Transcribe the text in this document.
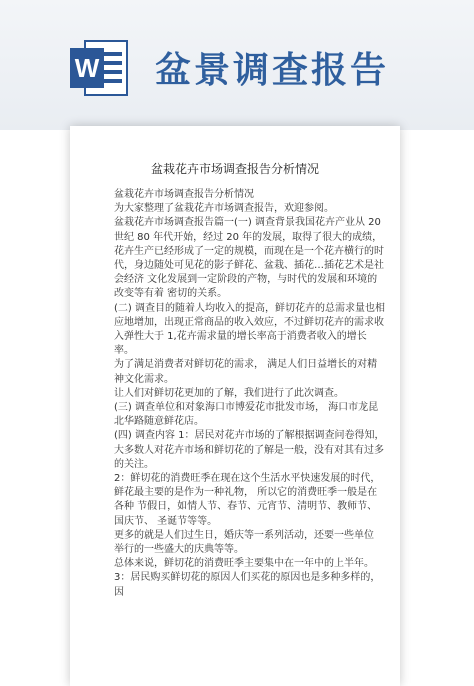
W 盆景调查报告
盆栽花卉市场调查报告分析情况

盆栽花卉市场调查报告分析情况

为大家整理了盆栽花卉市场调查报告，欢迎参阅。

盆栽花卉市场调查报告篇一(一) 调查背景我国花卉产业从 20 世纪 80 年代开始，经过 20 年的发展，取得了很大的成绩，花卉生产已经形成了一定的规模，而现在是一个花卉横行的时代，身边随处可见花的影子鲜花、盆栽、插花…插花艺术是社会经济 文化发展到一定阶段的产物，与时代的发展和环境的改变等有着 密切的关系。

(二) 调查目的随着人均收入的提高，鲜切花卉的总需求量也相应地增加，出现正常商品的收入效应，不过鲜切花卉的需求收入弹性大于 1,花卉需求量的增长率高于消费者收入的增长率。

为了满足消费者对鲜切花的需求， 满足人们日益增长的对精 神文化需求。

让人们对鲜切花更加的了解，我们进行了此次调查。

(三) 调查单位和对象海口市博爱花市批发市场， 海口市龙昆北华路随意鲜花店。

(四) 调查内容 1：居民对花卉市场的了解根据调查问卷得知， 大多数人对花卉市场和鲜切花的了解是一般，没有对其有过多 的关注。

2：鲜切花的消费旺季在现在这个生活水平快速发展的时代，鲜花最主要的是作为一种礼物， 所以它的消费旺季一般是在各种 节假日，如情人节、春节、元宵节、清明节、教师节、国庆节、 圣诞节等等。

更多的就是人们过生日，婚庆等一系列活动，还要一些单位 举行的一些盛大的庆典等等。

总体来说，鲜切花的消费旺季主要集中在一年中的上半年。

3：居民购买鲜切花的原因人们买花的原因也是多种多样的， 因
